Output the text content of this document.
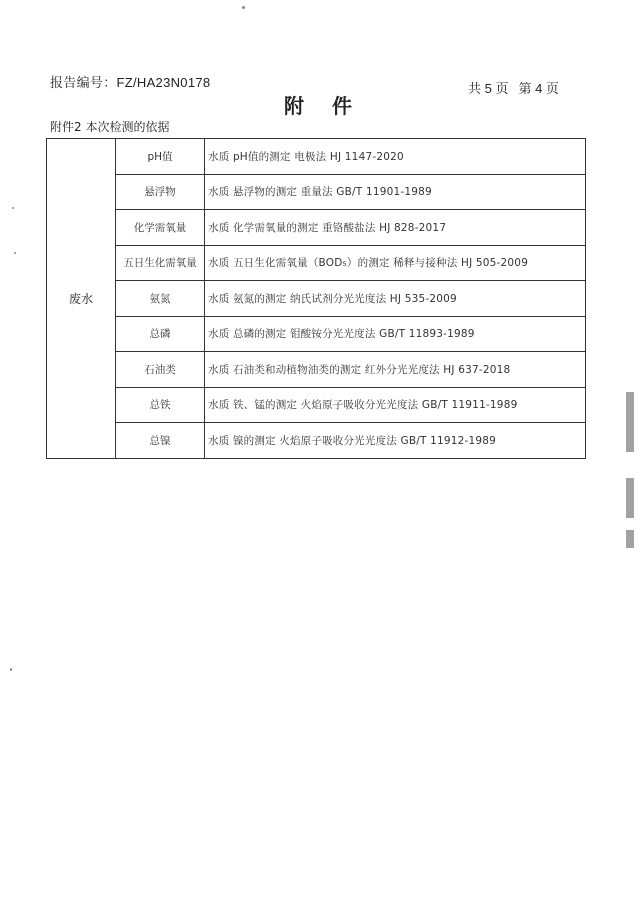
报告编号：FZ/HA23N0178	共 5 页 第 4 页
附件
附件2 本次检测的依据
废水	pH值	水质 pH值的测定 电极法 HJ 1147-2020
	悬浮物	水质 悬浮物的测定 重量法 GB/T 11901-1989
	化学需氧量	水质 化学需氧量的测定 重铬酸盐法 HJ 828-2017
	五日生化需氧量	水质 五日生化需氧量（BOD₅）的测定 稀释与接种法 HJ 505-2009
	氨氮	水质 氨氮的测定 纳氏试剂分光光度法 HJ 535-2009
	总磷	水质 总磷的测定 钼酸铵分光光度法 GB/T 11893-1989
	石油类	水质 石油类和动植物油类的测定 红外分光光度法 HJ 637-2018
	总铁	水质 铁、锰的测定 火焰原子吸收分光光度法 GB/T 11911-1989
	总镍	水质 镍的测定 火焰原子吸收分光光度法 GB/T 11912-1989
